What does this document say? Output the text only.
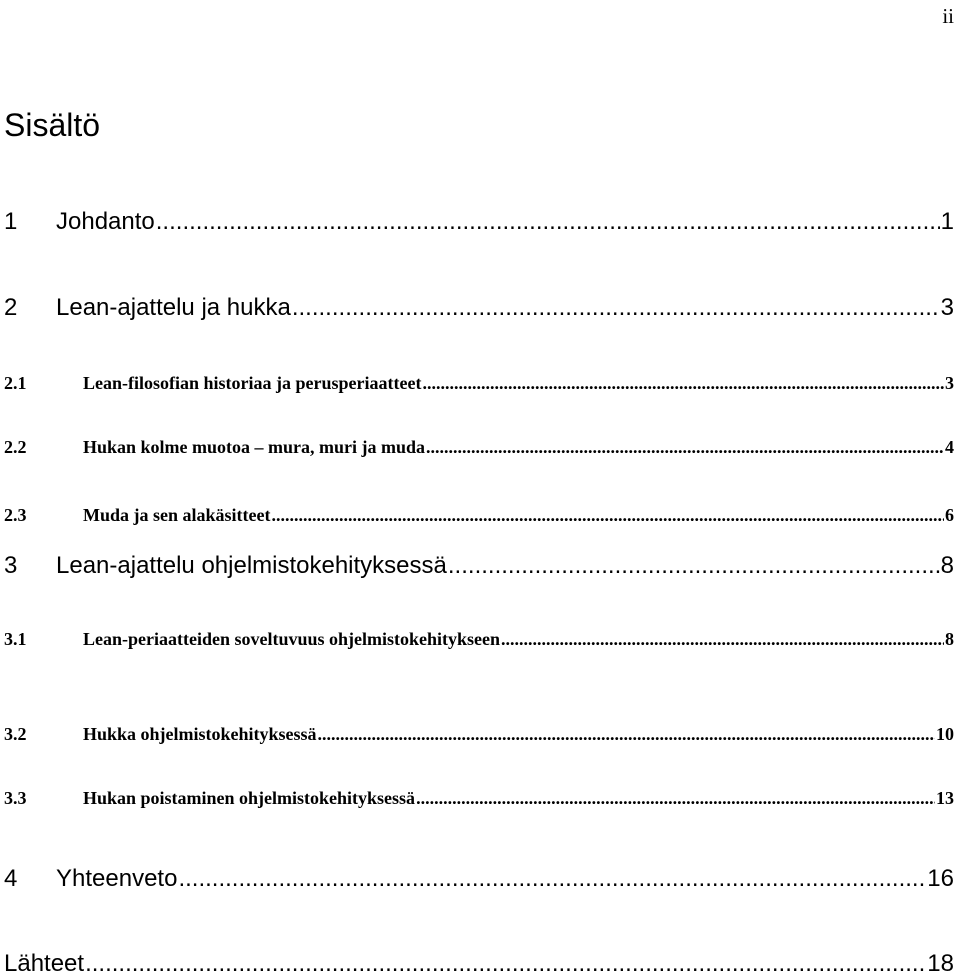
ii
Sisältö
1	Johdanto .....	1
2	Lean-ajattelu ja hukka .....	3
2.1	Lean-filosofian historiaa ja perusperiaatteet .....	3
2.2	Hukan kolme muotoa – mura, muri ja muda .....	4
2.3	Muda ja sen alakäsitteet .....	6
3	Lean-ajattelu ohjelmistokehityksessä .....	8
3.1	Lean-periaatteiden soveltuvuus ohjelmistokehitykseen .....	8
3.2	Hukka ohjelmistokehityksessä .....	10
3.3	Hukan poistaminen ohjelmistokehityksessä .....	13
4	Yhteenveto .....	16
Lähteet .....	18
